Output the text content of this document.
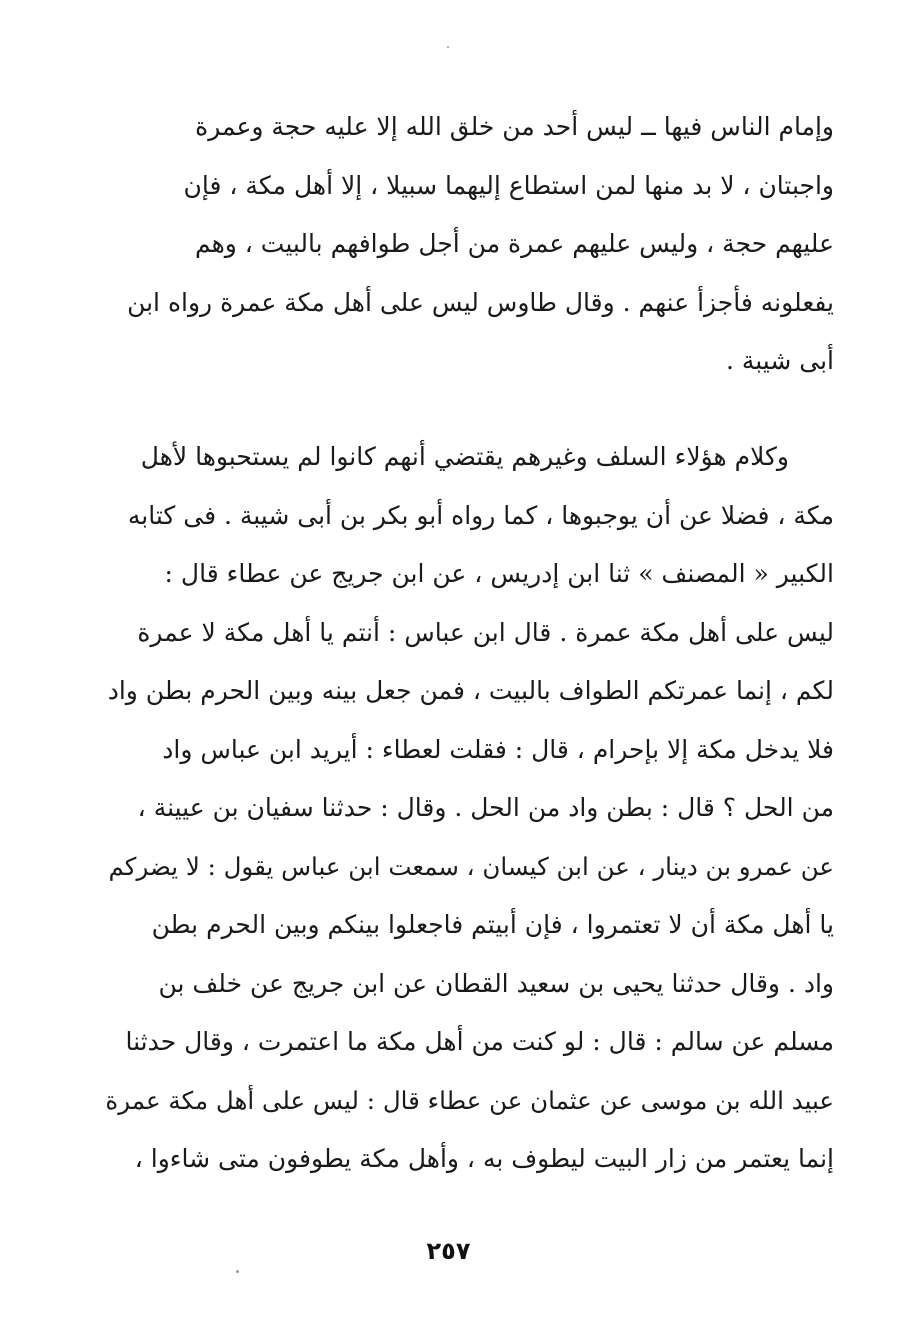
وإمام الناس فيها ــ ليس أحد من خلق الله إلا عليه حجة وعمرة
واجبتان ، لا بد منها لمن استطاع إليهما سبيلا ، إلا أهل مكة ، فإن
عليهم حجة ، وليس عليهم عمرة من أجل طوافهم بالبيت ، وهم
يفعلونه فأجزأ عنهم . وقال طاوس ليس على أهل مكة عمرة رواه ابن
أبى شيبة .
وكلام هؤلاء السلف وغيرهم يقتضي أنهم كانوا لم يستحبوها لأهل
مكة ، فضلا عن أن يوجبوها ، كما رواه أبو بكر بن أبى شيبة . فى كتابه
الكبير « المصنف » ثنا ابن إدريس ، عن ابن جريج عن عطاء قال :
ليس على أهل مكة عمرة . قال ابن عباس : أنتم يا أهل مكة لا عمرة
لكم ، إنما عمرتكم الطواف بالبيت ، فمن جعل بينه وبين الحرم بطن واد
فلا يدخل مكة إلا بإحرام ، قال : فقلت لعطاء : أيريد ابن عباس واد
من الحل ؟ قال : بطن واد من الحل . وقال : حدثنا سفيان بن عيينة ،
عن عمرو بن دينار ، عن ابن كيسان ، سمعت ابن عباس يقول : لا يضركم
يا أهل مكة أن لا تعتمروا ، فإن أبيتم فاجعلوا بينكم وبين الحرم بطن
واد . وقال حدثنا يحيى بن سعيد القطان عن ابن جريج عن خلف بن
مسلم عن سالم : قال : لو كنت من أهل مكة ما اعتمرت ، وقال حدثنا
عبيد الله بن موسى عن عثمان عن عطاء قال : ليس على أهل مكة عمرة
إنما يعتمر من زار البيت ليطوف به ، وأهل مكة يطوفون متى شاءوا ،
٢٥٧
